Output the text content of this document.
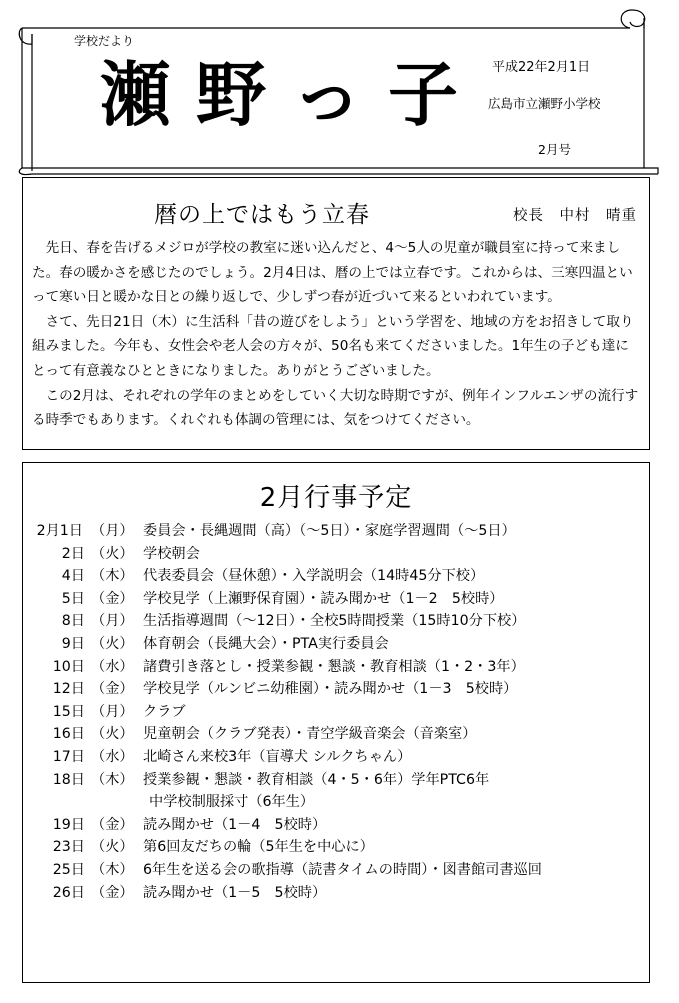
学校だより
瀬野っ子 平成22年2月1日
広島市立瀬野小学校
2月号
暦の上ではもう立春	校長　中村　晴重

先日、春を告げるメジロが学校の教室に迷い込んだと、4～5人の児童が職員室に持って来ました。春の暖かさを感じたのでしょう。2月4日は、暦の上では立春です。これからは、三寒四温といって寒い日と暖かな日との繰り返しで、少しずつ春が近づいて来るといわれています。

さて、先日21日（木）に生活科「昔の遊びをしよう」という学習を、地域の方をお招きして取り組みました。今年も、女性会や老人会の方々が、50名も来てくださいました。1年生の子ども達にとって有意義なひとときになりました。ありがとうございました。

この2月は、それぞれの学年のまとめをしていく大切な時期ですが、例年インフルエンザの流行する時季でもあります。くれぐれも体調の管理には、気をつけてください。

2月行事予定
2月1日 （月） 委員会・長縄週間（高）（～5日）・家庭学習週間（～5日）
2日 （火） 学校朝会
4日 （木） 代表委員会（昼休憩）・入学説明会（14時45分下校）
5日 （金） 学校見学（上瀬野保育園）・読み聞かせ（1－2　5校時）
8日 （月） 生活指導週間（～12日）・全校5時間授業（15時10分下校）
9日 （火） 体育朝会（長縄大会）・PTA実行委員会
10日 （水） 諸費引き落とし・授業参観・懇談・教育相談（1・2・3年）
12日 （金） 学校見学（ルンビニ幼稚園）・読み聞かせ（1－3　5校時）
15日 （月） クラブ
16日 （火） 児童朝会（クラブ発表）・青空学級音楽会（音楽室）
17日 （水） 北崎さん来校3年（盲導犬 シルクちゃん）
18日 （木） 授業参観・懇談・教育相談（4・5・6年）学年PTC6年
中学校制服採寸（6年生）
19日 （金） 読み聞かせ（1－4　5校時）
23日 （火） 第6回友だちの輪（5年生を中心に）
25日 （木） 6年生を送る会の歌指導（読書タイムの時間）・図書館司書巡回
26日 （金） 読み聞かせ（1－5　5校時）
